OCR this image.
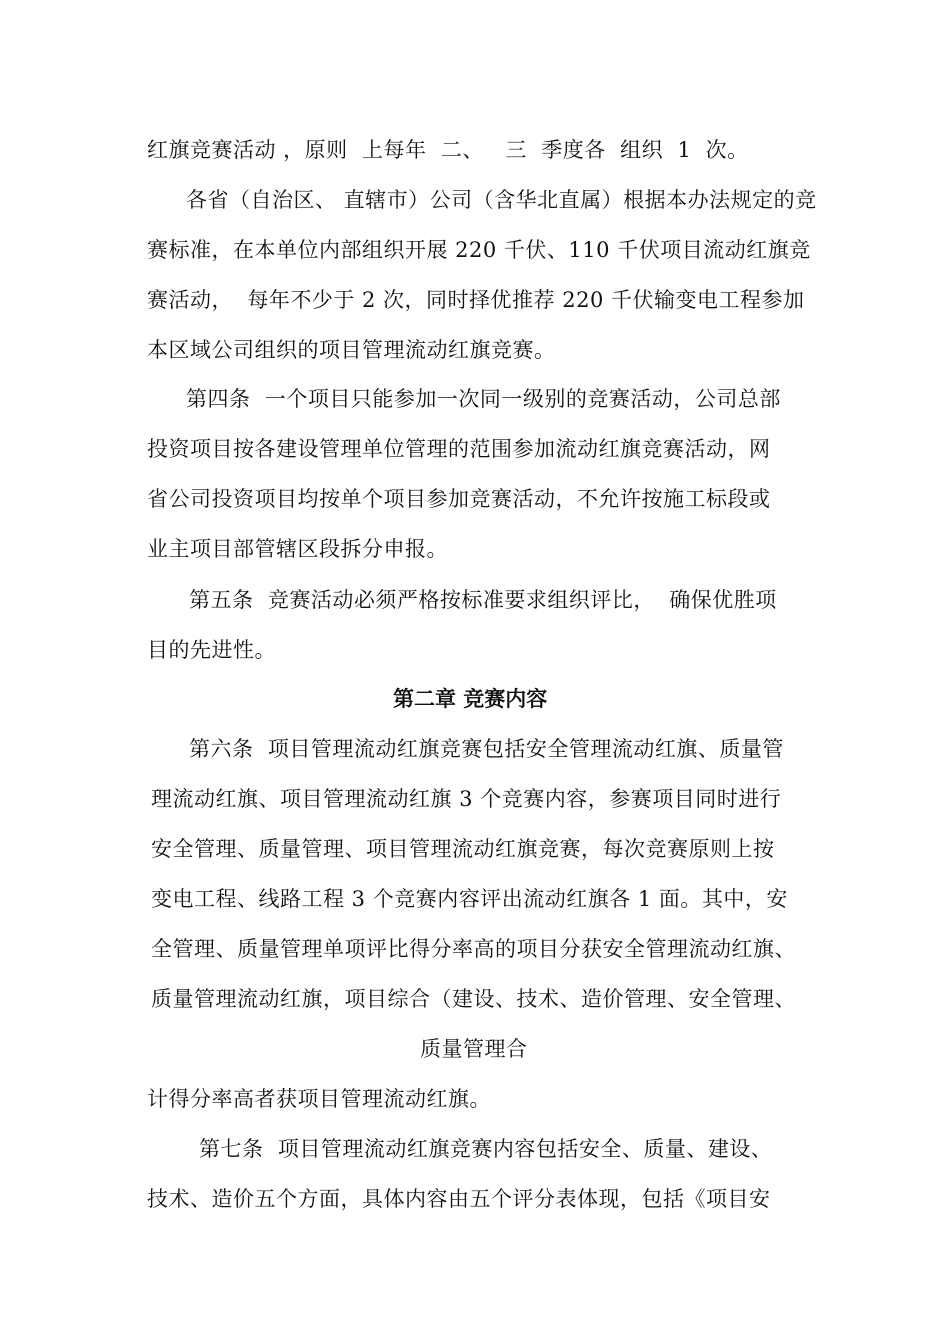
红旗竞赛活动 ，原则  上每年  二、   三  季度各  组织  1  次。
各省（自治区、 直辖市）公司（含华北直属）根据本办法规定的竞
赛标准，在本单位内部组织开展 220 千伏、110 千伏项目流动红旗竞
赛活动，  每年不少于 2 次，同时择优推荐 220 千伏输变电工程参加
本区域公司组织的项目管理流动红旗竞赛。
第四条  一个项目只能参加一次同一级别的竞赛活动，公司总部
投资项目按各建设管理单位管理的范围参加流动红旗竞赛活动，网
省公司投资项目均按单个项目参加竞赛活动，不允许按施工标段或
业主项目部管辖区段拆分申报。
第五条  竞赛活动必须严格按标准要求组织评比，  确保优胜项
目的先进性。
第二章 竞赛内容
第六条  项目管理流动红旗竞赛包括安全管理流动红旗、质量管
理流动红旗、项目管理流动红旗 3 个竞赛内容，参赛项目同时进行
安全管理、质量管理、项目管理流动红旗竞赛，每次竞赛原则上按
变电工程、线路工程 3 个竞赛内容评出流动红旗各 1 面。其中，安
全管理、质量管理单项评比得分率高的项目分获安全管理流动红旗、
质量管理流动红旗，项目综合（建设、技术、造价管理、安全管理、
质量管理合
计得分率高者获项目管理流动红旗。
第七条  项目管理流动红旗竞赛内容包括安全、质量、建设、
技术、造价五个方面，具体内容由五个评分表体现，包括《项目安
